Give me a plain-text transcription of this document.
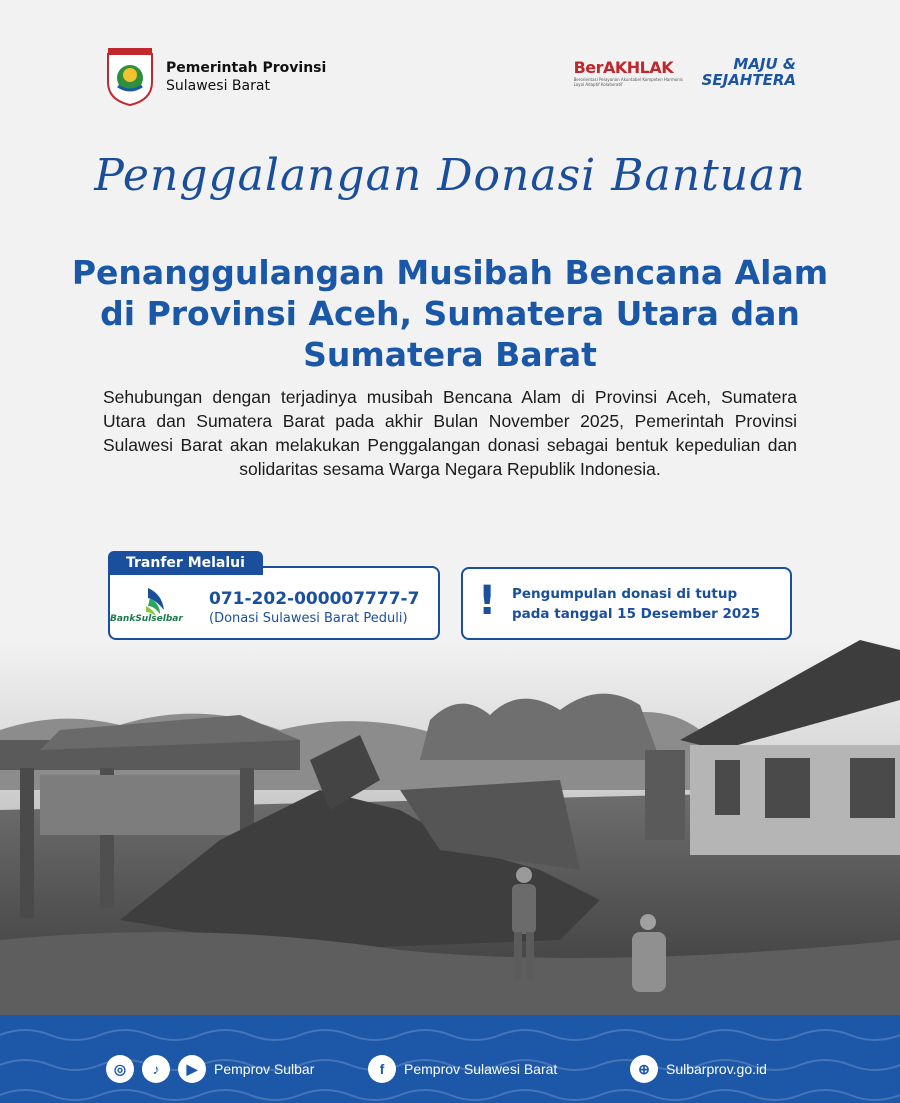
Pemerintah Provinsi
Sulawesi Barat
BerAKHLAK
Berorientasi Pelayanan Akuntabel Kompeten Harmonis Loyal Adaptif Kolaboratif
MAJU &
SEJAHTERA
Penggalangan Donasi Bantuan
Penanggulangan Musibah Bencana Alam di Provinsi Aceh, Sumatera Utara dan Sumatera Barat
Sehubungan dengan terjadinya musibah Bencana Alam di Provinsi Aceh, Sumatera Utara dan Sumatera Barat pada akhir Bulan November 2025, Pemerintah Provinsi Sulawesi Barat akan melakukan Penggalangan donasi sebagai bentuk kepedulian dan solidaritas sesama Warga Negara Republik Indonesia.
Tranfer Melalui
BankSulselbar
071-202-000007777-7
(Donasi Sulawesi Barat Peduli) ! Pengumpulan donasi di tutup
pada tanggal 15 Desember 2025
◎	♪	▶	Pemprov Sulbar	f	Pemprov Sulawesi Barat	⊕	Sulbarprov.go.id
